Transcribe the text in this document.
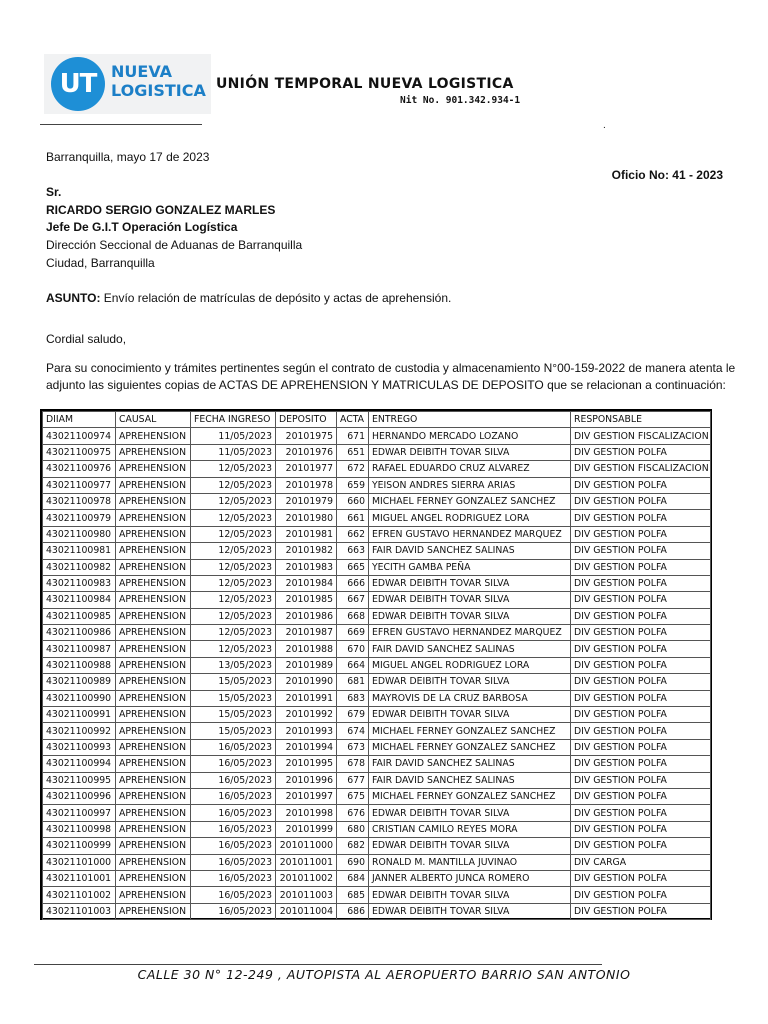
UT NUEVA
LOGISTICA UNIÓN TEMPORAL NUEVA LOGISTICA
Nit No. 901.342.934-1
.
Barranquilla, mayo 17 de 2023
Oficio No: 41 - 2023
Sr.
RICARDO SERGIO GONZALEZ MARLES
Jefe De G.I.T Operación Logística
Dirección Seccional de Aduanas de Barranquilla
Ciudad, Barranquilla
ASUNTO: Envío relación de matrículas de depósito y actas de aprehensión.
Cordial saludo,
Para su conocimiento y trámites pertinentes según el contrato de custodia y almacenamiento N°00-159-2022 de manera atenta le
adjunto las siguientes copias de ACTAS DE APREHENSION Y MATRICULAS DE DEPOSITO que se relacionan a continuación:
DIIAM	CAUSAL	FECHA INGRESO	DEPOSITO	ACTA	ENTREGO	RESPONSABLE
43021100974	APREHENSION	11/05/2023	20101975	671	HERNANDO MERCADO LOZANO	DIV GESTION FISCALIZACION
43021100975	APREHENSION	11/05/2023	20101976	651	EDWAR DEIBITH TOVAR SILVA	DIV GESTION POLFA
43021100976	APREHENSION	12/05/2023	20101977	672	RAFAEL EDUARDO CRUZ ALVAREZ	DIV GESTION FISCALIZACION
43021100977	APREHENSION	12/05/2023	20101978	659	YEISON ANDRES SIERRA ARIAS	DIV GESTION POLFA
43021100978	APREHENSION	12/05/2023	20101979	660	MICHAEL FERNEY GONZALEZ SANCHEZ	DIV GESTION POLFA
43021100979	APREHENSION	12/05/2023	20101980	661	MIGUEL ANGEL RODRIGUEZ LORA	DIV GESTION POLFA
43021100980	APREHENSION	12/05/2023	20101981	662	EFREN GUSTAVO HERNANDEZ MARQUEZ	DIV GESTION POLFA
43021100981	APREHENSION	12/05/2023	20101982	663	FAIR DAVID SANCHEZ SALINAS	DIV GESTION POLFA
43021100982	APREHENSION	12/05/2023	20101983	665	YECITH GAMBA PEÑA	DIV GESTION POLFA
43021100983	APREHENSION	12/05/2023	20101984	666	EDWAR DEIBITH TOVAR SILVA	DIV GESTION POLFA
43021100984	APREHENSION	12/05/2023	20101985	667	EDWAR DEIBITH TOVAR SILVA	DIV GESTION POLFA
43021100985	APREHENSION	12/05/2023	20101986	668	EDWAR DEIBITH TOVAR SILVA	DIV GESTION POLFA
43021100986	APREHENSION	12/05/2023	20101987	669	EFREN GUSTAVO HERNANDEZ MARQUEZ	DIV GESTION POLFA
43021100987	APREHENSION	12/05/2023	20101988	670	FAIR DAVID SANCHEZ SALINAS	DIV GESTION POLFA
43021100988	APREHENSION	13/05/2023	20101989	664	MIGUEL ANGEL RODRIGUEZ LORA	DIV GESTION POLFA
43021100989	APREHENSION	15/05/2023	20101990	681	EDWAR DEIBITH TOVAR SILVA	DIV GESTION POLFA
43021100990	APREHENSION	15/05/2023	20101991	683	MAYROVIS DE LA CRUZ BARBOSA	DIV GESTION POLFA
43021100991	APREHENSION	15/05/2023	20101992	679	EDWAR DEIBITH TOVAR SILVA	DIV GESTION POLFA
43021100992	APREHENSION	15/05/2023	20101993	674	MICHAEL FERNEY GONZALEZ SANCHEZ	DIV GESTION POLFA
43021100993	APREHENSION	16/05/2023	20101994	673	MICHAEL FERNEY GONZALEZ SANCHEZ	DIV GESTION POLFA
43021100994	APREHENSION	16/05/2023	20101995	678	FAIR DAVID SANCHEZ SALINAS	DIV GESTION POLFA
43021100995	APREHENSION	16/05/2023	20101996	677	FAIR DAVID SANCHEZ SALINAS	DIV GESTION POLFA
43021100996	APREHENSION	16/05/2023	20101997	675	MICHAEL FERNEY GONZALEZ SANCHEZ	DIV GESTION POLFA
43021100997	APREHENSION	16/05/2023	20101998	676	EDWAR DEIBITH TOVAR SILVA	DIV GESTION POLFA
43021100998	APREHENSION	16/05/2023	20101999	680	CRISTIAN CAMILO REYES MORA	DIV GESTION POLFA
43021100999	APREHENSION	16/05/2023	201011000	682	EDWAR DEIBITH TOVAR SILVA	DIV GESTION POLFA
43021101000	APREHENSION	16/05/2023	201011001	690	RONALD M. MANTILLA JUVINAO	DIV CARGA
43021101001	APREHENSION	16/05/2023	201011002	684	JANNER ALBERTO JUNCA ROMERO	DIV GESTION POLFA
43021101002	APREHENSION	16/05/2023	201011003	685	EDWAR DEIBITH TOVAR SILVA	DIV GESTION POLFA
43021101003	APREHENSION	16/05/2023	201011004	686	EDWAR DEIBITH TOVAR SILVA	DIV GESTION POLFA
CALLE 30 N° 12-249 , AUTOPISTA AL AEROPUERTO BARRIO SAN ANTONIO
